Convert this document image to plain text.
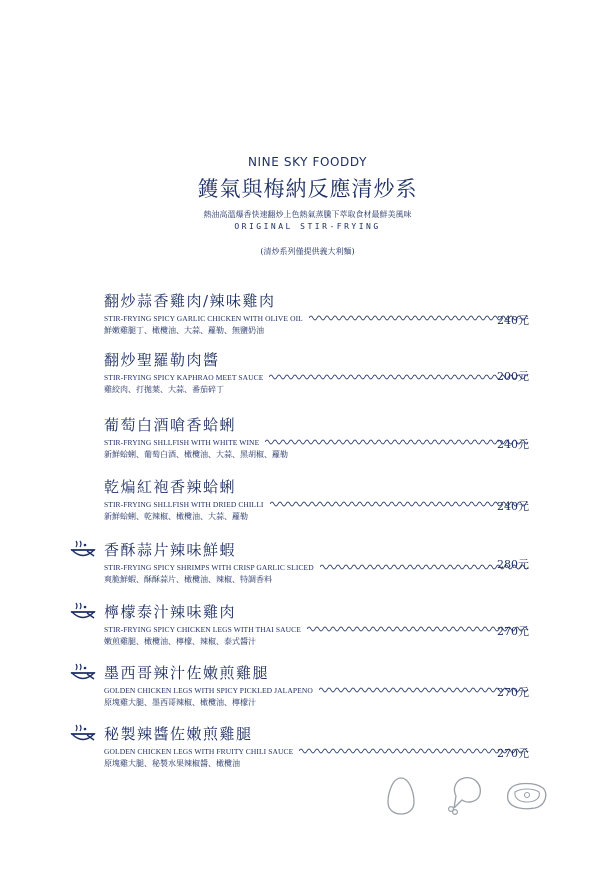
NINE SKY FOODDY
鑊氣與梅納反應清炒系
熱油高溫爆香快速翻炒上色熱氣蒸騰下萃取食材最鮮美風味
ORIGINAL STIR-FRYING
(清炒系列僅提供義大利麵)
翻炒蒜香雞肉/辣味雞肉
STIR-FRYING SPICY GARLIC CHICKEN WITH OLIVE OIL	240元
鮮嫩雞腿丁、橄欖油、大蒜、蘿勒、無鹽奶油
翻炒聖羅勒肉醬
STIR-FRYING SPICY KAPHRAO MEET SAUCE	200元
雞絞肉、打拋葉、大蒜、番茄碎丁
葡萄白酒嗆香蛤蜊
STIR-FRYING SHLLFISH WITH WHITE WINE	240元
新鮮蛤蜊、葡萄白酒、橄欖油、大蒜、黑胡椒、蘿勒
乾煸紅袍香辣蛤蜊
STIR-FRYING SHLLFISH WITH DRIED CHILLI	240元
新鮮蛤蜊、乾辣椒、橄欖油、大蒜、蘿勒
香酥蒜片辣味鮮蝦
STIR-FRYING SPICY SHRIMPS WITH CRISP GARLIC SLICED	280元
爽脆鮮蝦、酥酥蒜片、橄欖油、辣椒、特調香料
檸檬泰汁辣味雞肉
STIR-FRYING SPICY CHICKEN LEGS WITH THAI SAUCE	270元
嫩煎雞腿、橄欖油、檸檬、辣椒、泰式醬汁
墨西哥辣汁佐嫩煎雞腿
GOLDEN CHICKEN LEGS WITH SPICY PICKLED JALAPENO	270元
原塊雞大腿、墨西哥辣椒、橄欖油、檸檬汁
秘製辣醬佐嫩煎雞腿
GOLDEN CHICKEN LEGS WITH FRUITY CHILI SAUCE	270元
原塊雞大腿、秘製水果辣椒醬、橄欖油
